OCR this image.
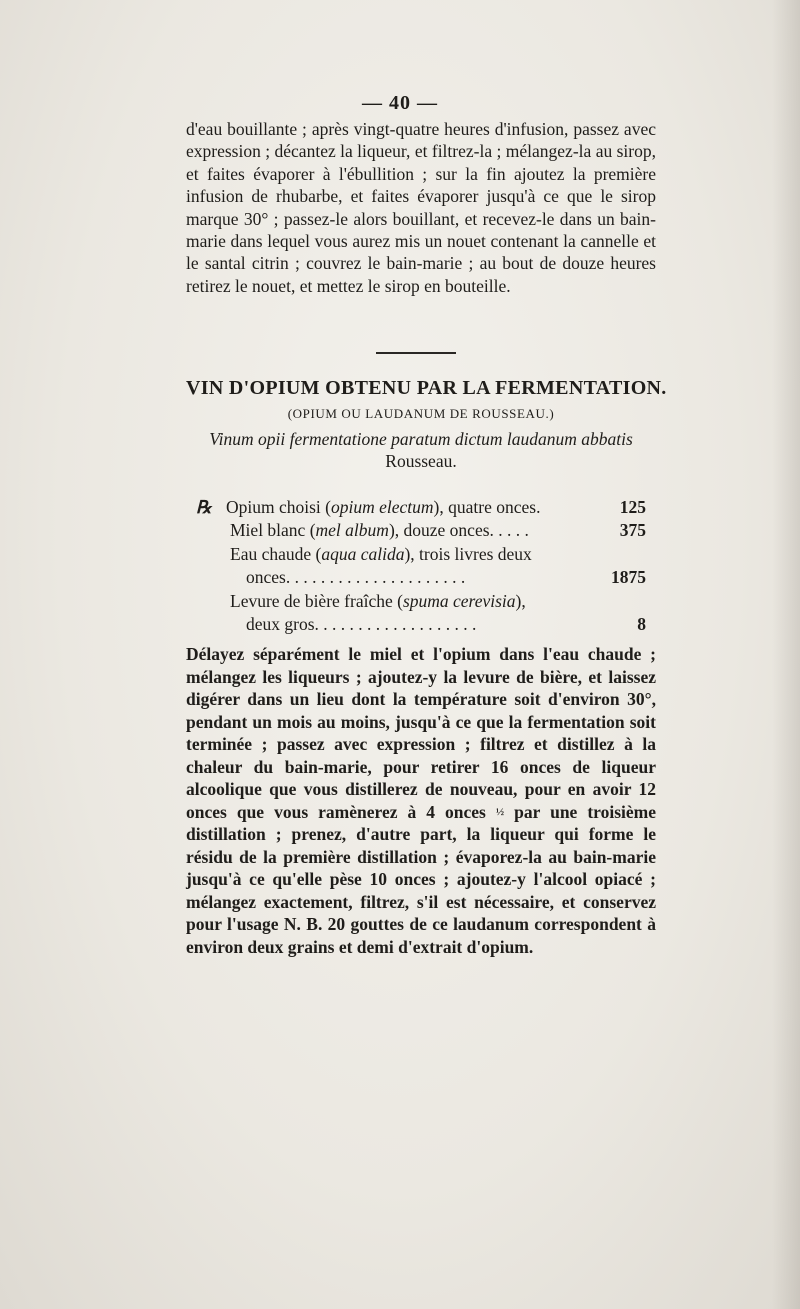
— 40 —
d'eau bouillante ; après vingt-quatre heures d'infusion, passez avec expression ; décantez la liqueur, et filtrez-la ; mélangez-la au sirop, et faites évaporer à l'ébullition ; sur la fin ajoutez la première infusion de rhubarbe, et faites évaporer jusqu'à ce que le sirop marque 30° ; passez-le alors bouillant, et recevez-le dans un bain-marie dans lequel vous aurez mis un nouet contenant la cannelle et le santal citrin ; couvrez le bain-marie ; au bout de douze heures retirez le nouet, et mettez le sirop en bouteille.
VIN D'OPIUM OBTENU PAR LA FERMENTATION.
(OPIUM OU LAUDANUM DE ROUSSEAU.)
Vinum opii fermentatione paratum dictum laudanum abbatis
Rousseau.
℞ Opium choisi (opium electum), quatre onces.	125
Miel blanc (mel album), douze onces. . . . .	375
Eau chaude (aqua calida), trois livres deux
onces. . . . . . . . . . . . . . . . . . . . .	1875
Levure de bière fraîche (spuma cerevisia),
deux gros. . . . . . . . . . . . . . . . . . .	8
Délayez séparément le miel et l'opium dans l'eau chaude ; mélangez les liqueurs ; ajoutez-y la levure de bière, et laissez digérer dans un lieu dont la température soit d'environ 30°, pendant un mois au moins, jusqu'à ce que la fermentation soit terminée ; passez avec expression ; filtrez et distillez à la chaleur du bain-marie, pour retirer 16 onces de liqueur alcoolique que vous distillerez de nouveau, pour en avoir 12 onces que vous ramènerez à 4 onces ½ par une troisième distillation ; prenez, d'autre part, la liqueur qui forme le résidu de la première distillation ; évaporez-la au bain-marie jusqu'à ce qu'elle pèse 10 onces ; ajoutez-y l'alcool opiacé ; mélangez exactement, filtrez, s'il est nécessaire, et conservez pour l'usage N. B. 20 gouttes de ce laudanum correspondent à environ deux grains et demi d'extrait d'opium.
